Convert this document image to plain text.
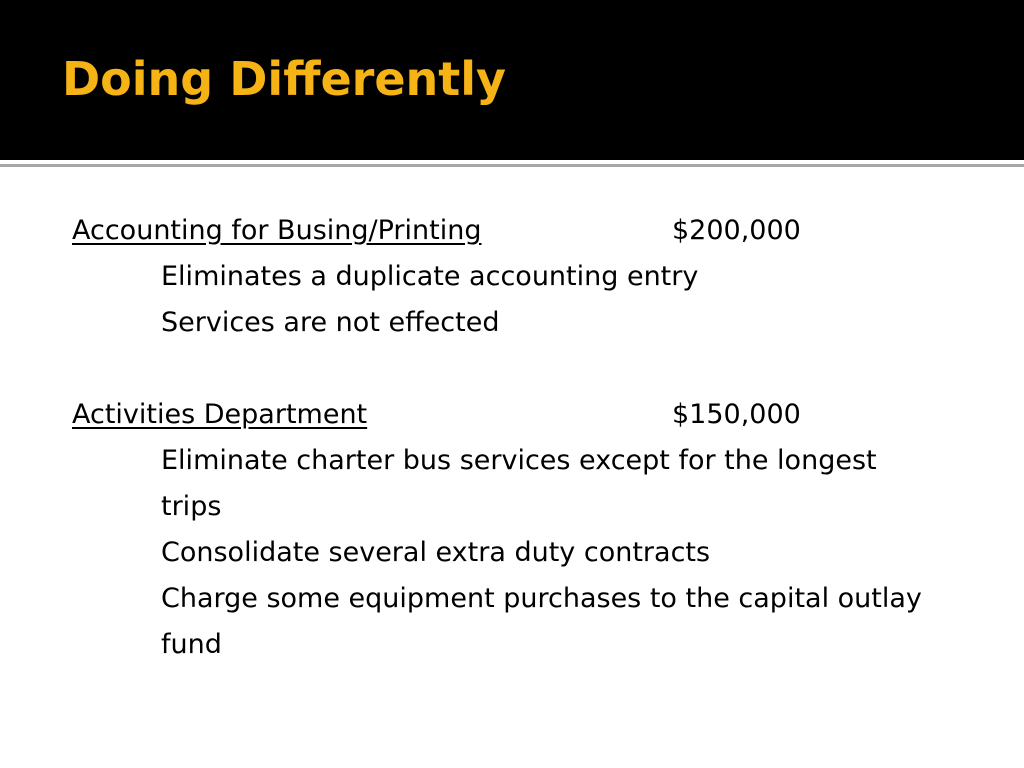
Doing Differently
Accounting for Busing/Printing	$200,000

Eliminates a duplicate accounting entry

Services are not effected

Activities Department	$150,000

Eliminate charter bus services except for the longest trips

Consolidate several extra duty contracts

Charge some equipment purchases to the capital outlay fund
